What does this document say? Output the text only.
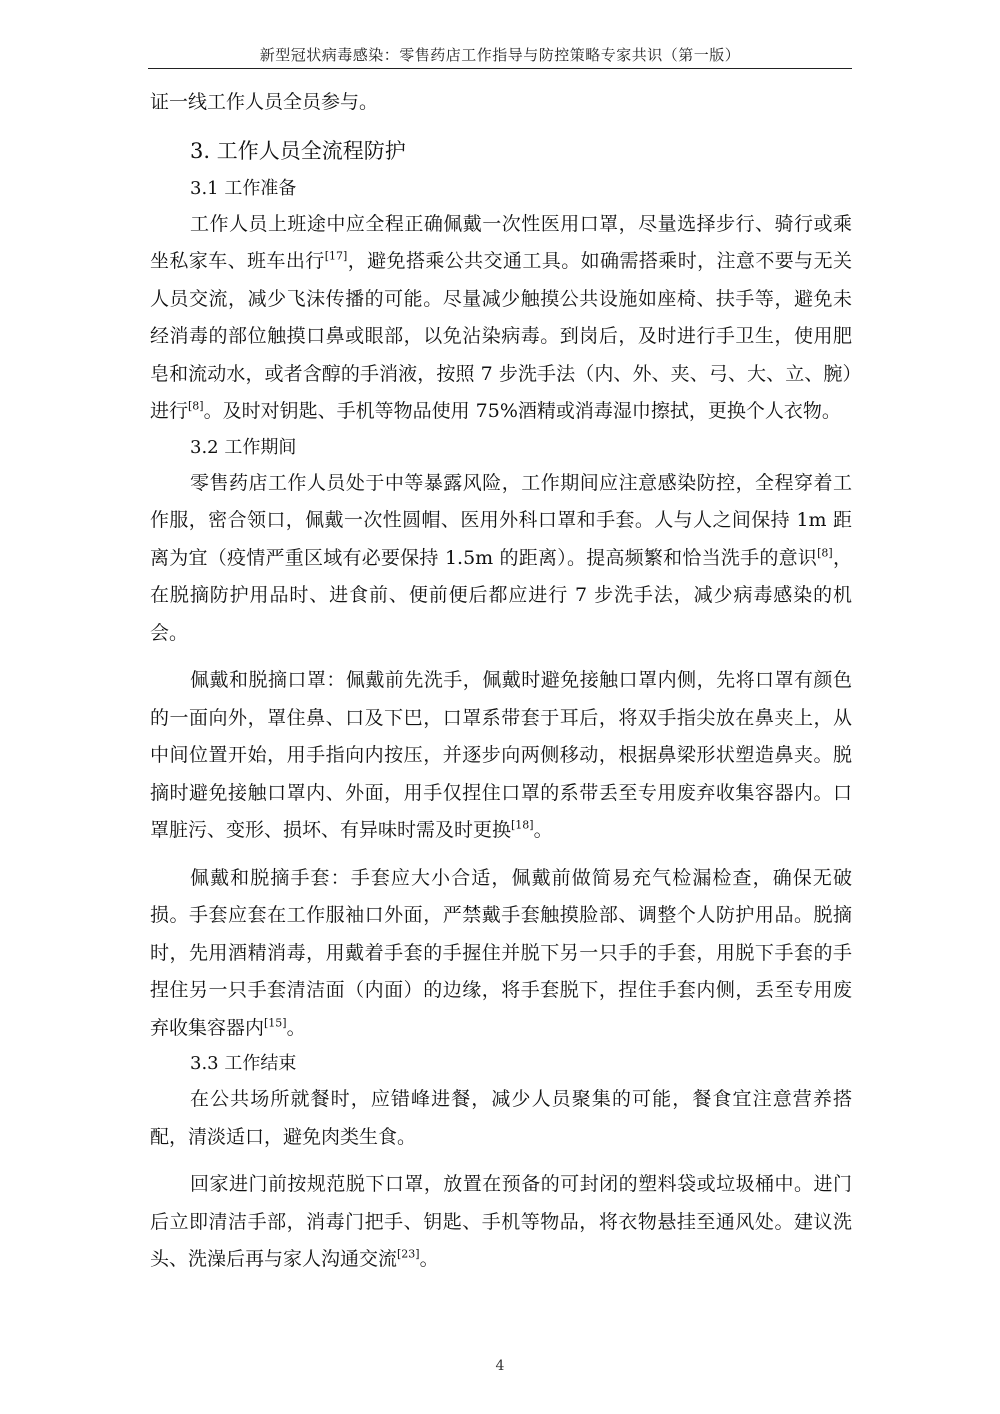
新型冠状病毒感染：零售药店工作指导与防控策略专家共识（第一版）

证一线工作人员全员参与。

3. 工作人员全流程防护
3.1 工作准备

工作人员上班途中应全程正确佩戴一次性医用口罩，尽量选择步行、骑行或乘坐私家车、班车出行[17]，避免搭乘公共交通工具。如确需搭乘时，注意不要与无关人员交流，减少飞沫传播的可能。尽量减少触摸公共设施如座椅、扶手等，避免未经消毒的部位触摸口鼻或眼部，以免沾染病毒。到岗后，及时进行手卫生，使用肥皂和流动水，或者含醇的手消液，按照 7 步洗手法（内、外、夹、弓、大、立、腕）进行[8]。及时对钥匙、手机等物品使用 75%酒精或消毒湿巾擦拭，更换个人衣物。

3.2 工作期间

零售药店工作人员处于中等暴露风险，工作期间应注意感染防控，全程穿着工作服，密合领口，佩戴一次性圆帽、医用外科口罩和手套。人与人之间保持 1m 距离为宜（疫情严重区域有必要保持 1.5m 的距离）。提高频繁和恰当洗手的意识[8]，在脱摘防护用品时、进食前、便前便后都应进行 7 步洗手法，减少病毒感染的机会。

佩戴和脱摘口罩：佩戴前先洗手，佩戴时避免接触口罩内侧，先将口罩有颜色的一面向外，罩住鼻、口及下巴，口罩系带套于耳后，将双手指尖放在鼻夹上，从中间位置开始，用手指向内按压，并逐步向两侧移动，根据鼻梁形状塑造鼻夹。脱摘时避免接触口罩内、外面，用手仅捏住口罩的系带丢至专用废弃收集容器内。口罩脏污、变形、损坏、有异味时需及时更换[18]。

佩戴和脱摘手套：手套应大小合适，佩戴前做简易充气检漏检查，确保无破损。手套应套在工作服袖口外面，严禁戴手套触摸脸部、调整个人防护用品。脱摘时，先用酒精消毒，用戴着手套的手握住并脱下另一只手的手套，用脱下手套的手捏住另一只手套清洁面（内面）的边缘，将手套脱下，捏住手套内侧，丢至专用废弃收集容器内[15]。

3.3 工作结束

在公共场所就餐时，应错峰进餐，减少人员聚集的可能，餐食宜注意营养搭配，清淡适口，避免肉类生食。

回家进门前按规范脱下口罩，放置在预备的可封闭的塑料袋或垃圾桶中。进门后立即清洁手部，消毒门把手、钥匙、手机等物品，将衣物悬挂至通风处。建议洗头、洗澡后再与家人沟通交流[23]。

4
